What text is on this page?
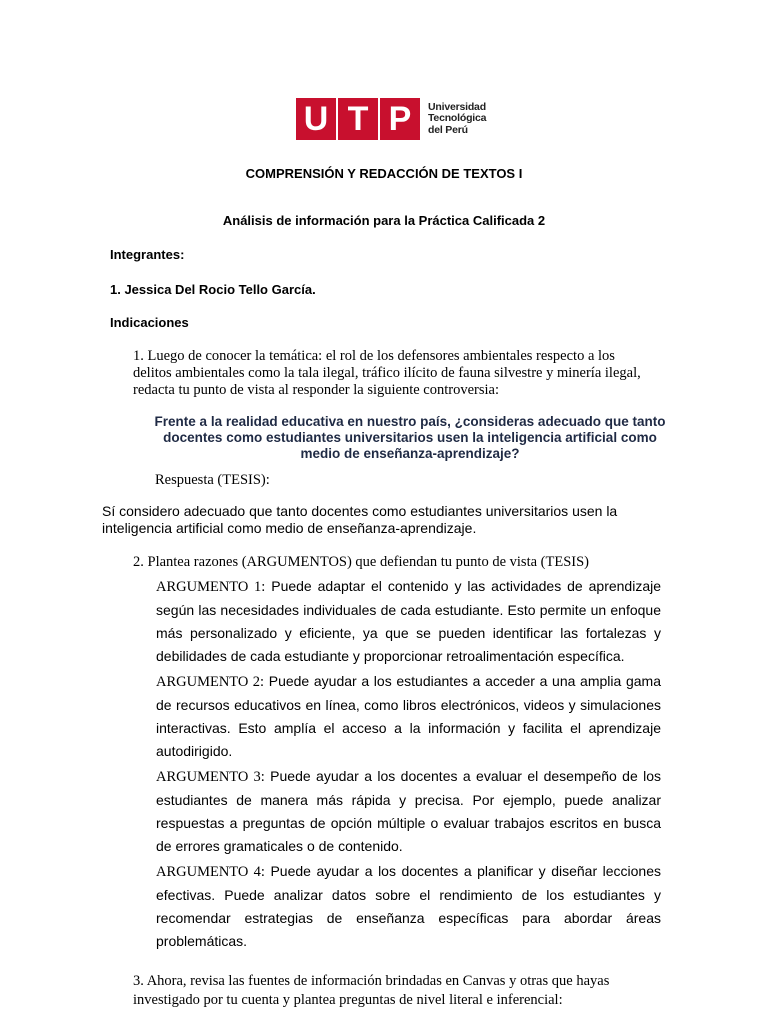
U T P	Universidad
Tecnológica
del Perú
COMPRENSIÓN Y REDACCIÓN DE TEXTOS I
Análisis de información para la Práctica Calificada 2
Integrantes:
1. Jessica Del Rocio Tello García.
Indicaciones
1. Luego de conocer la temática: el rol de los defensores ambientales respecto a los delitos ambientales como la tala ilegal, tráfico ilícito de fauna silvestre y minería ilegal, redacta tu punto de vista al responder la siguiente controversia:
Frente a la realidad educativa en nuestro país, ¿consideras adecuado que tanto docentes como estudiantes universitarios usen la inteligencia artificial como medio de enseñanza-aprendizaje?
Respuesta (TESIS):
Sí considero adecuado que tanto docentes como estudiantes universitarios usen la inteligencia artificial como medio de enseñanza-aprendizaje.
2. Plantea razones (ARGUMENTOS) que defiendan tu punto de vista (TESIS)

ARGUMENTO 1: Puede adaptar el contenido y las actividades de aprendizaje según las necesidades individuales de cada estudiante. Esto permite un enfoque más personalizado y eficiente, ya que se pueden identificar las fortalezas y debilidades de cada estudiante y proporcionar retroalimentación específica.

ARGUMENTO 2: Puede ayudar a los estudiantes a acceder a una amplia gama de recursos educativos en línea, como libros electrónicos, videos y simulaciones interactivas. Esto amplía el acceso a la información y facilita el aprendizaje autodirigido.

ARGUMENTO 3: Puede ayudar a los docentes a evaluar el desempeño de los estudiantes de manera más rápida y precisa. Por ejemplo, puede analizar respuestas a preguntas de opción múltiple o evaluar trabajos escritos en busca de errores gramaticales o de contenido.

ARGUMENTO 4: Puede ayudar a los docentes a planificar y diseñar lecciones efectivas. Puede analizar datos sobre el rendimiento de los estudiantes y recomendar estrategias de enseñanza específicas para abordar áreas problemáticas.

3. Ahora, revisa las fuentes de información brindadas en Canvas y otras que hayas investigado por tu cuenta y plantea preguntas de nivel literal e inferencial:
